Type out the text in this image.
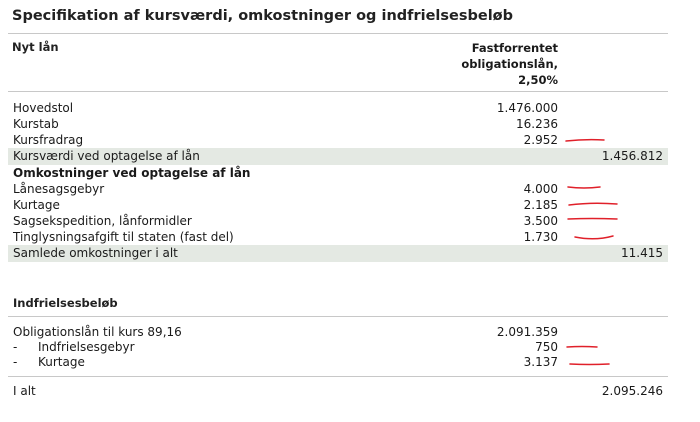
Specifikation af kursværdi, omkostninger og indfrielsesbeløb
Nyt lån	Fastforrentet
obligationslån,
2,50%
Hovedstol	1.476.000
Kurstab	16.236
Kursfradrag	2.952
Kursværdi ved optagelse af lån	1.456.812
Omkostninger ved optagelse af lån
Lånesagsgebyr	4.000
Kurtage	2.185
Sagsekspedition, lånformidler	3.500
Tinglysningsafgift til staten (fast del)	1.730
Samlede omkostninger i alt	11.415
Indfrielsesbeløb
Obligationslån til kurs 89,16	2.091.359
- Indfrielsesgebyr	750
- Kurtage	3.137
I alt	2.095.246
